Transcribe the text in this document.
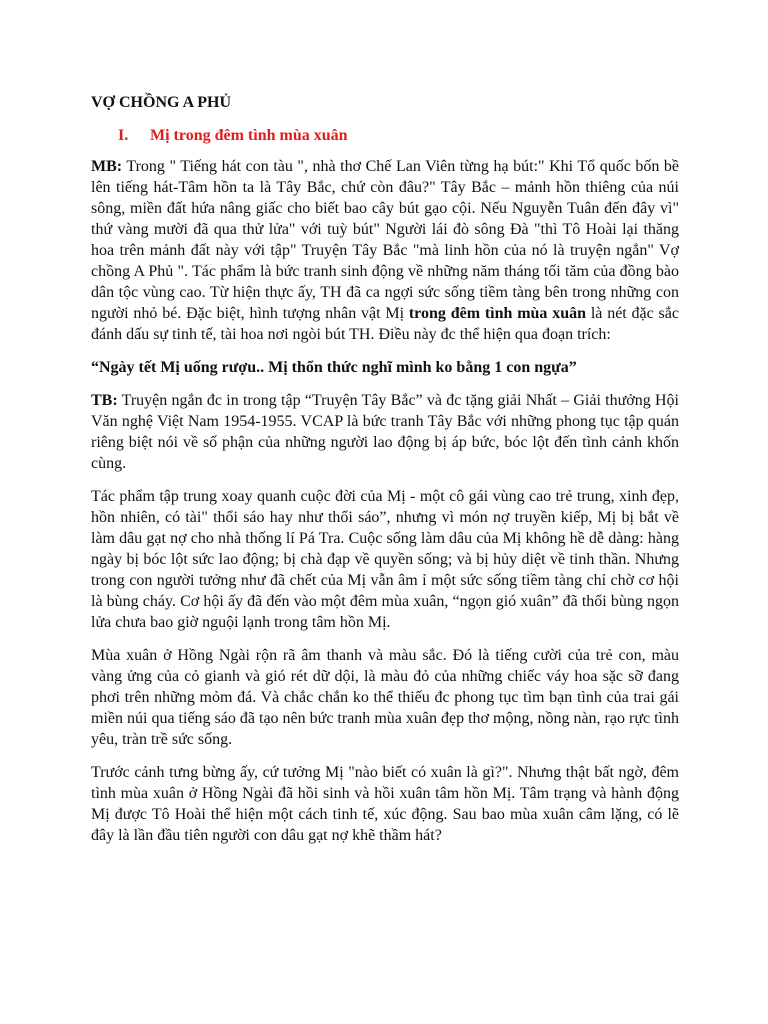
VỢ CHỒNG A PHỦ
I.	Mị trong đêm tình mùa xuân

MB: Trong " Tiếng hát con tàu ", nhà thơ Chế Lan Viên từng hạ bút:" Khi Tổ quốc bốn bề lên tiếng hát-Tâm hồn ta là Tây Bắc, chứ còn đâu?" Tây Bắc – mảnh hồn thiêng của núi sông, miền đất hứa nâng giấc cho biết bao cây bút gạo cội. Nếu Nguyễn Tuân đến đây vì" thứ vàng mười đã qua thử lửa" với tuỳ bút" Người lái đò sông Đà "thì Tô Hoài lại thăng hoa trên mảnh đất này với tập" Truyện Tây Bắc "mà linh hồn của nó là truyện ngắn" Vợ chồng A Phủ ". Tác phẩm là bức tranh sinh động về những năm tháng tối tăm của đồng bào dân tộc vùng cao. Từ hiện thực ấy, TH đã ca ngợi sức sống tiềm tàng bên trong những con người nhỏ bé. Đặc biệt, hình tượng nhân vật Mị trong đêm tình mùa xuân là nét đặc sắc đánh dấu sự tinh tế, tài hoa nơi ngòi bút TH. Điều này đc thể hiện qua đoạn trích:

“Ngày tết Mị uống rượu.. Mị thổn thức nghĩ mình ko bằng 1 con ngựa”

TB: Truyện ngắn đc in trong tập “Truyện Tây Bắc” và đc tặng giải Nhất – Giải thưởng Hội Văn nghệ Việt Nam 1954-1955. VCAP là bức tranh Tây Bắc với những phong tục tập quán riêng biệt nói về số phận của những người lao động bị áp bức, bóc lột đến tình cảnh khốn cùng.

Tác phẩm tập trung xoay quanh cuộc đời của Mị - một cô gái vùng cao trẻ trung, xinh đẹp, hồn nhiên, có tài" thổi sáo hay như thổi sáo”, nhưng vì món nợ truyền kiếp, Mị bị bắt về làm dâu gạt nợ cho nhà thống lí Pá Tra. Cuộc sống làm dâu của Mị không hề dễ dàng: hàng ngày bị bóc lột sức lao động; bị chà đạp về quyền sống; và bị hủy diệt về tinh thần. Nhưng trong con người tưởng như đã chết của Mị vẫn âm ỉ một sức sống tiềm tàng chỉ chờ cơ hội là bùng cháy. Cơ hội ấy đã đến vào một đêm mùa xuân, “ngọn gió xuân” đã thổi bùng ngọn lửa chưa bao giờ nguội lạnh trong tâm hồn Mị.

Mùa xuân ở Hồng Ngài rộn rã âm thanh và màu sắc. Đó là tiếng cười của trẻ con, màu vàng ửng của cỏ gianh và gió rét dữ dội, là màu đỏ của những chiếc váy hoa sặc sỡ đang phơi trên những mỏm đá. Và chắc chắn ko thể thiếu đc phong tục tìm bạn tình của trai gái miền núi qua tiếng sáo đã tạo nên bức tranh mùa xuân đẹp thơ mộng, nồng nàn, rạo rực tình yêu, tràn trề sức sống.

Trước cảnh tưng bừng ấy, cứ tưởng Mị "nào biết có xuân là gì?". Nhưng thật bất ngờ, đêm tình mùa xuân ở Hồng Ngài đã hồi sinh và hồi xuân tâm hồn Mị. Tâm trạng và hành động Mị được Tô Hoài thể hiện một cách tinh tế, xúc động. Sau bao mùa xuân câm lặng, có lẽ đây là lần đầu tiên người con dâu gạt nợ khẽ thầm hát?
